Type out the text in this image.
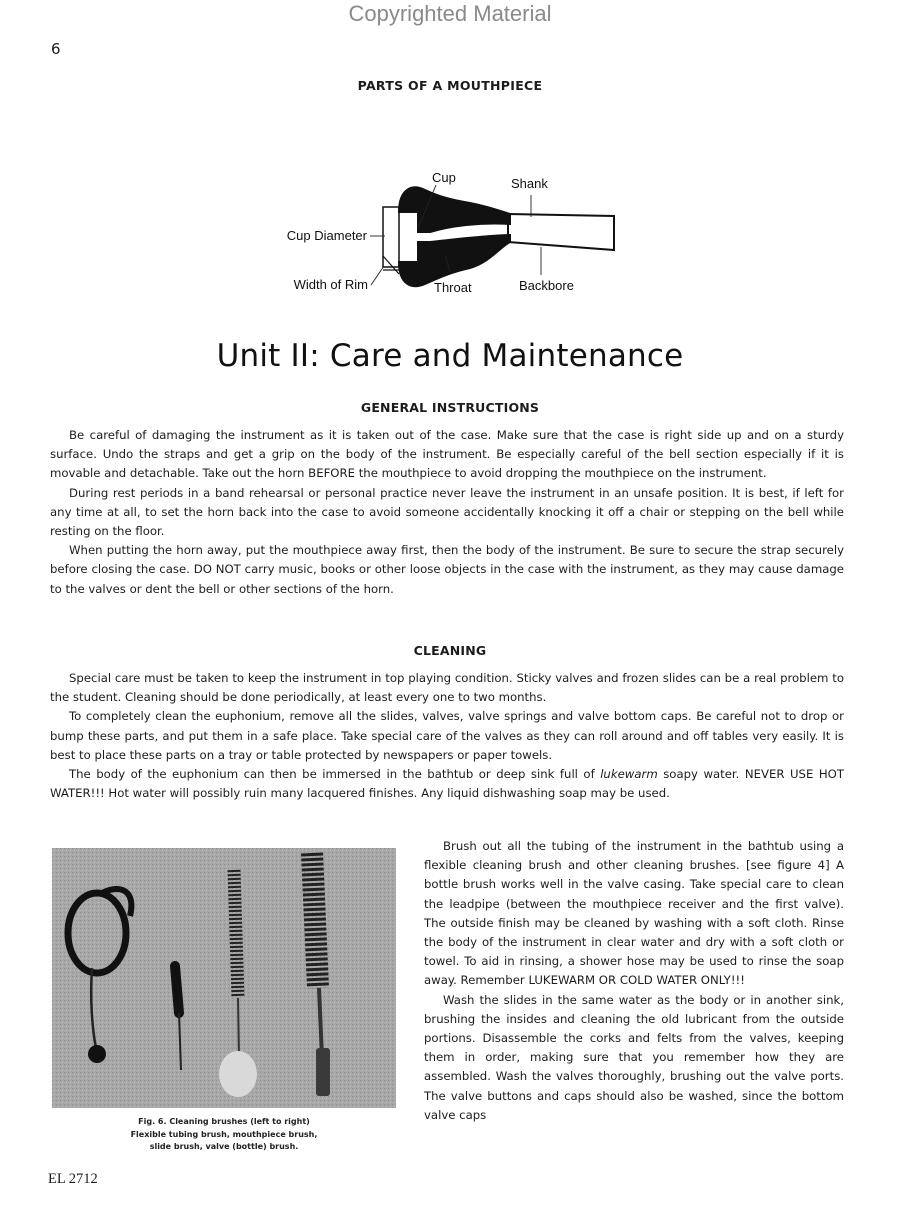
Copyrighted Material
6
PARTS OF A MOUTHPIECE
Cup	Shank
Cup Diameter
Width of Rim	Throat	Backbore
Unit II: Care and Maintenance
GENERAL INSTRUCTIONS

Be careful of damaging the instrument as it is taken out of the case. Make sure that the case is right side up and on a sturdy surface. Undo the straps and get a grip on the body of the instrument. Be especially careful of the bell section especially if it is movable and detachable. Take out the horn BEFORE the mouthpiece to avoid dropping the mouthpiece on the instrument.

During rest periods in a band rehearsal or personal practice never leave the instrument in an unsafe position. It is best, if left for any time at all, to set the horn back into the case to avoid someone accidentally knocking it off a chair or stepping on the bell while resting on the floor.

When putting the horn away, put the mouthpiece away first, then the body of the instrument. Be sure to secure the strap securely before closing the case. DO NOT carry music, books or other loose objects in the case with the instrument, as they may cause damage to the valves or dent the bell or other sections of the horn.

CLEANING

Special care must be taken to keep the instrument in top playing condition. Sticky valves and frozen slides can be a real problem to the student. Cleaning should be done periodically, at least every one to two months.

To completely clean the euphonium, remove all the slides, valves, valve springs and valve bottom caps. Be careful not to drop or bump these parts, and put them in a safe place. Take special care of the valves as they can roll around and off tables very easily. It is best to place these parts on a tray or table protected by newspapers or paper towels.

The body of the euphonium can then be immersed in the bathtub or deep sink full of lukewarm soapy water. NEVER USE HOT WATER!!! Hot water will possibly ruin many lacquered finishes. Any liquid dishwashing soap may be used.

Fig. 6. Cleaning brushes (left to right)
Flexible tubing brush, mouthpiece brush,
slide brush, valve (bottle) brush.

Brush out all the tubing of the instrument in the bathtub using a flexible cleaning brush and other cleaning brushes. [see figure 4] A bottle brush works well in the valve casing. Take special care to clean the leadpipe (between the mouthpiece receiver and the first valve). The outside finish may be cleaned by washing with a soft cloth. Rinse the body of the instrument in clear water and dry with a soft cloth or towel. To aid in rinsing, a shower hose may be used to rinse the soap away. Remember LUKEWARM OR COLD WATER ONLY!!!

Wash the slides in the same water as the body or in another sink, brushing the insides and cleaning the old lubricant from the outside portions. Disassemble the corks and felts from the valves, keeping them in order, making sure that you remember how they are assembled. Wash the valves thoroughly, brushing out the valve ports. The valve buttons and caps should also be washed, since the bottom valve caps

EL 2712
